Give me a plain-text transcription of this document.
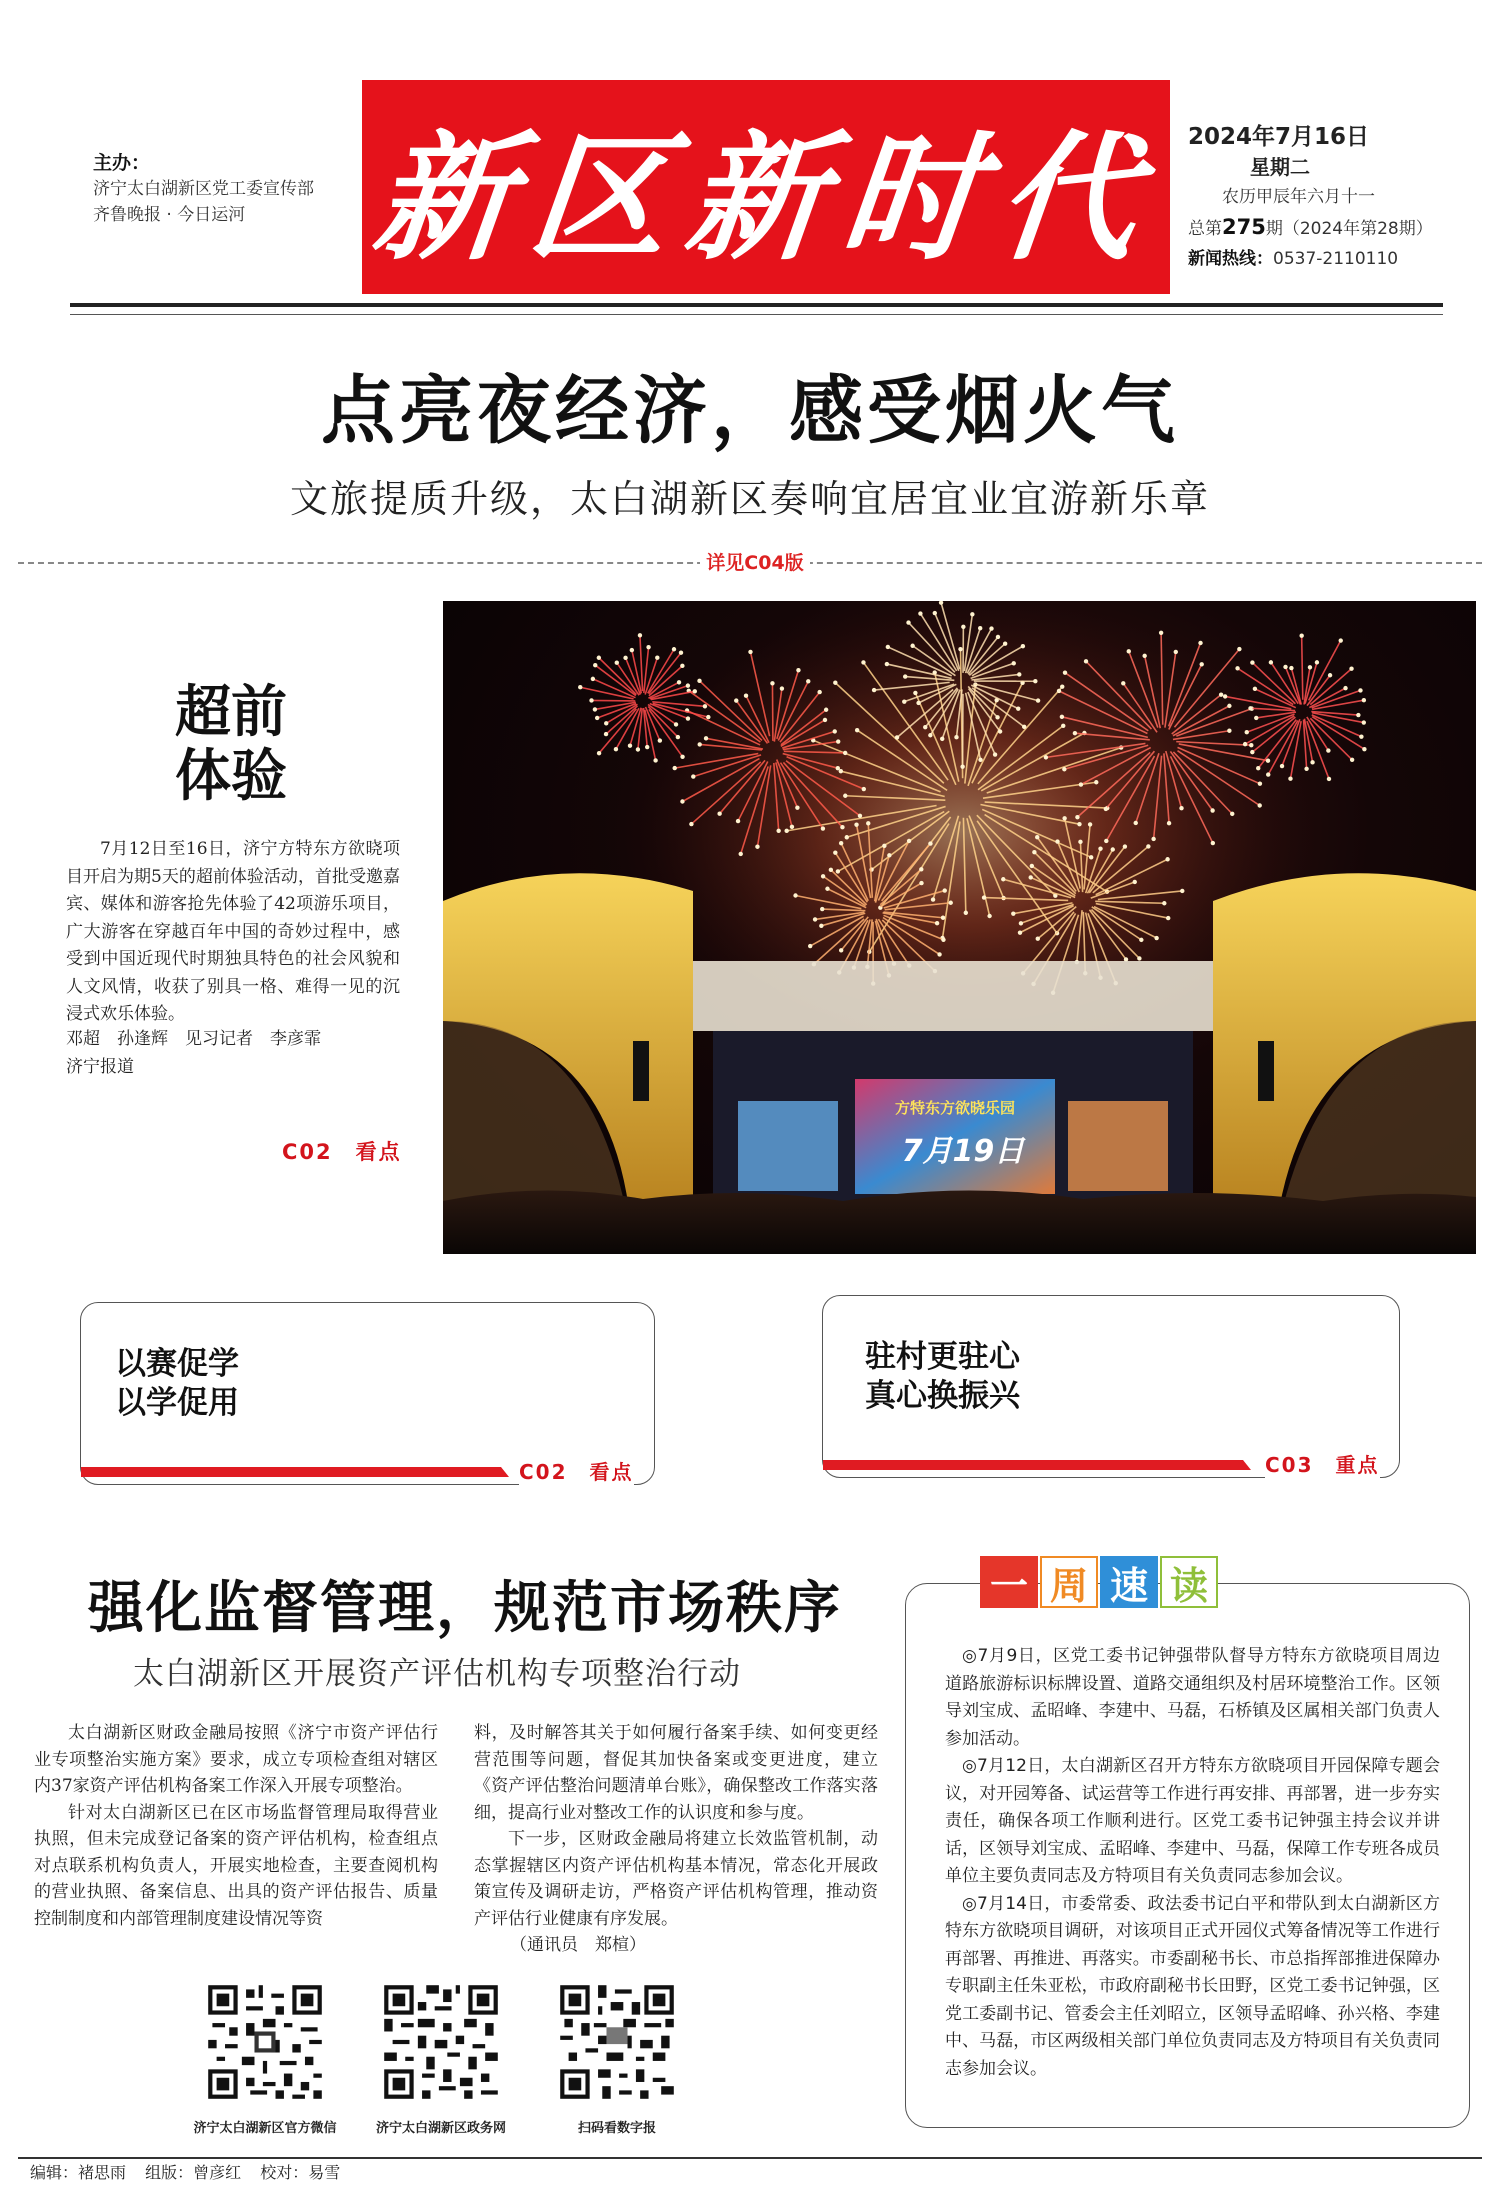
主办：
济宁太白湖新区党工委宣传部
齐鲁晚报 · 今日运河 新区新时代 2024年7月16日
星期二
农历甲辰年六月十一
总第275期（2024年第28期）
新闻热线：0537-2110110
点亮夜经济，感受烟火气
文旅提质升级，太白湖新区奏响宜居宜业宜游新乐章
详见C04版
方特东方欲晓乐园
7月19日
超前
体验
7月12日至16日，济宁方特东方欲晓项目开启为期5天的超前体验活动，首批受邀嘉宾、媒体和游客抢先体验了42项游乐项目，广大游客在穿越百年中国的奇妙过程中，感受到中国近现代时期独具特色的社会风貌和人文风情，收获了别具一格、难得一见的沉浸式欢乐体验。
邓超　孙逢辉　见习记者　李彦霏
济宁报道
C02　看点
以赛促学
以学促用
C02　看点
驻村更驻心
真心换振兴
C03　重点
强化监督管理，规范市场秩序
太白湖新区开展资产评估机构专项整治行动

太白湖新区财政金融局按照《济宁市资产评估行业专项整治实施方案》要求，成立专项检查组对辖区内37家资产评估机构备案工作深入开展专项整治。

针对太白湖新区已在区市场监督管理局取得营业执照，但未完成登记备案的资产评估机构，检查组点对点联系机构负责人，开展实地检查，主要查阅机构的营业执照、备案信息、出具的资产评估报告、质量控制制度和内部管理制度建设情况等资

料，及时解答其关于如何履行备案手续、如何变更经营范围等问题，督促其加快备案或变更进度，建立《资产评估整治问题清单台账》，确保整改工作落实落细，提高行业对整改工作的认识度和参与度。

下一步，区财政金融局将建立长效监管机制，动态掌握辖区内资产评估机构基本情况，常态化开展政策宣传及调研走访，严格资产评估机构管理，推动资产评估行业健康有序发展。

（通讯员　郑楦）

济宁太白湖新区官方微信	济宁太白湖新区政务网	扫码看数字报
一 周 速 读

◎7月9日，区党工委书记钟强带队督导方特东方欲晓项目周边道路旅游标识标牌设置、道路交通组织及村居环境整治工作。区领导刘宝成、孟昭峰、李建中、马磊，石桥镇及区属相关部门负责人参加活动。

◎7月12日，太白湖新区召开方特东方欲晓项目开园保障专题会议，对开园筹备、试运营等工作进行再安排、再部署，进一步夯实责任，确保各项工作顺利进行。区党工委书记钟强主持会议并讲话，区领导刘宝成、孟昭峰、李建中、马磊，保障工作专班各成员单位主要负责同志及方特项目有关负责同志参加会议。

◎7月14日，市委常委、政法委书记白平和带队到太白湖新区方特东方欲晓项目调研，对该项目正式开园仪式筹备情况等工作进行再部署、再推进、再落实。市委副秘书长、市总指挥部推进保障办专职副主任朱亚松，市政府副秘书长田野，区党工委书记钟强，区党工委副书记、管委会主任刘昭立，区领导孟昭峰、孙兴格、李建中、马磊，市区两级相关部门单位负责同志及方特项目有关负责同志参加会议。

编辑：褚思雨 组版：曾彦红 校对：易雪
